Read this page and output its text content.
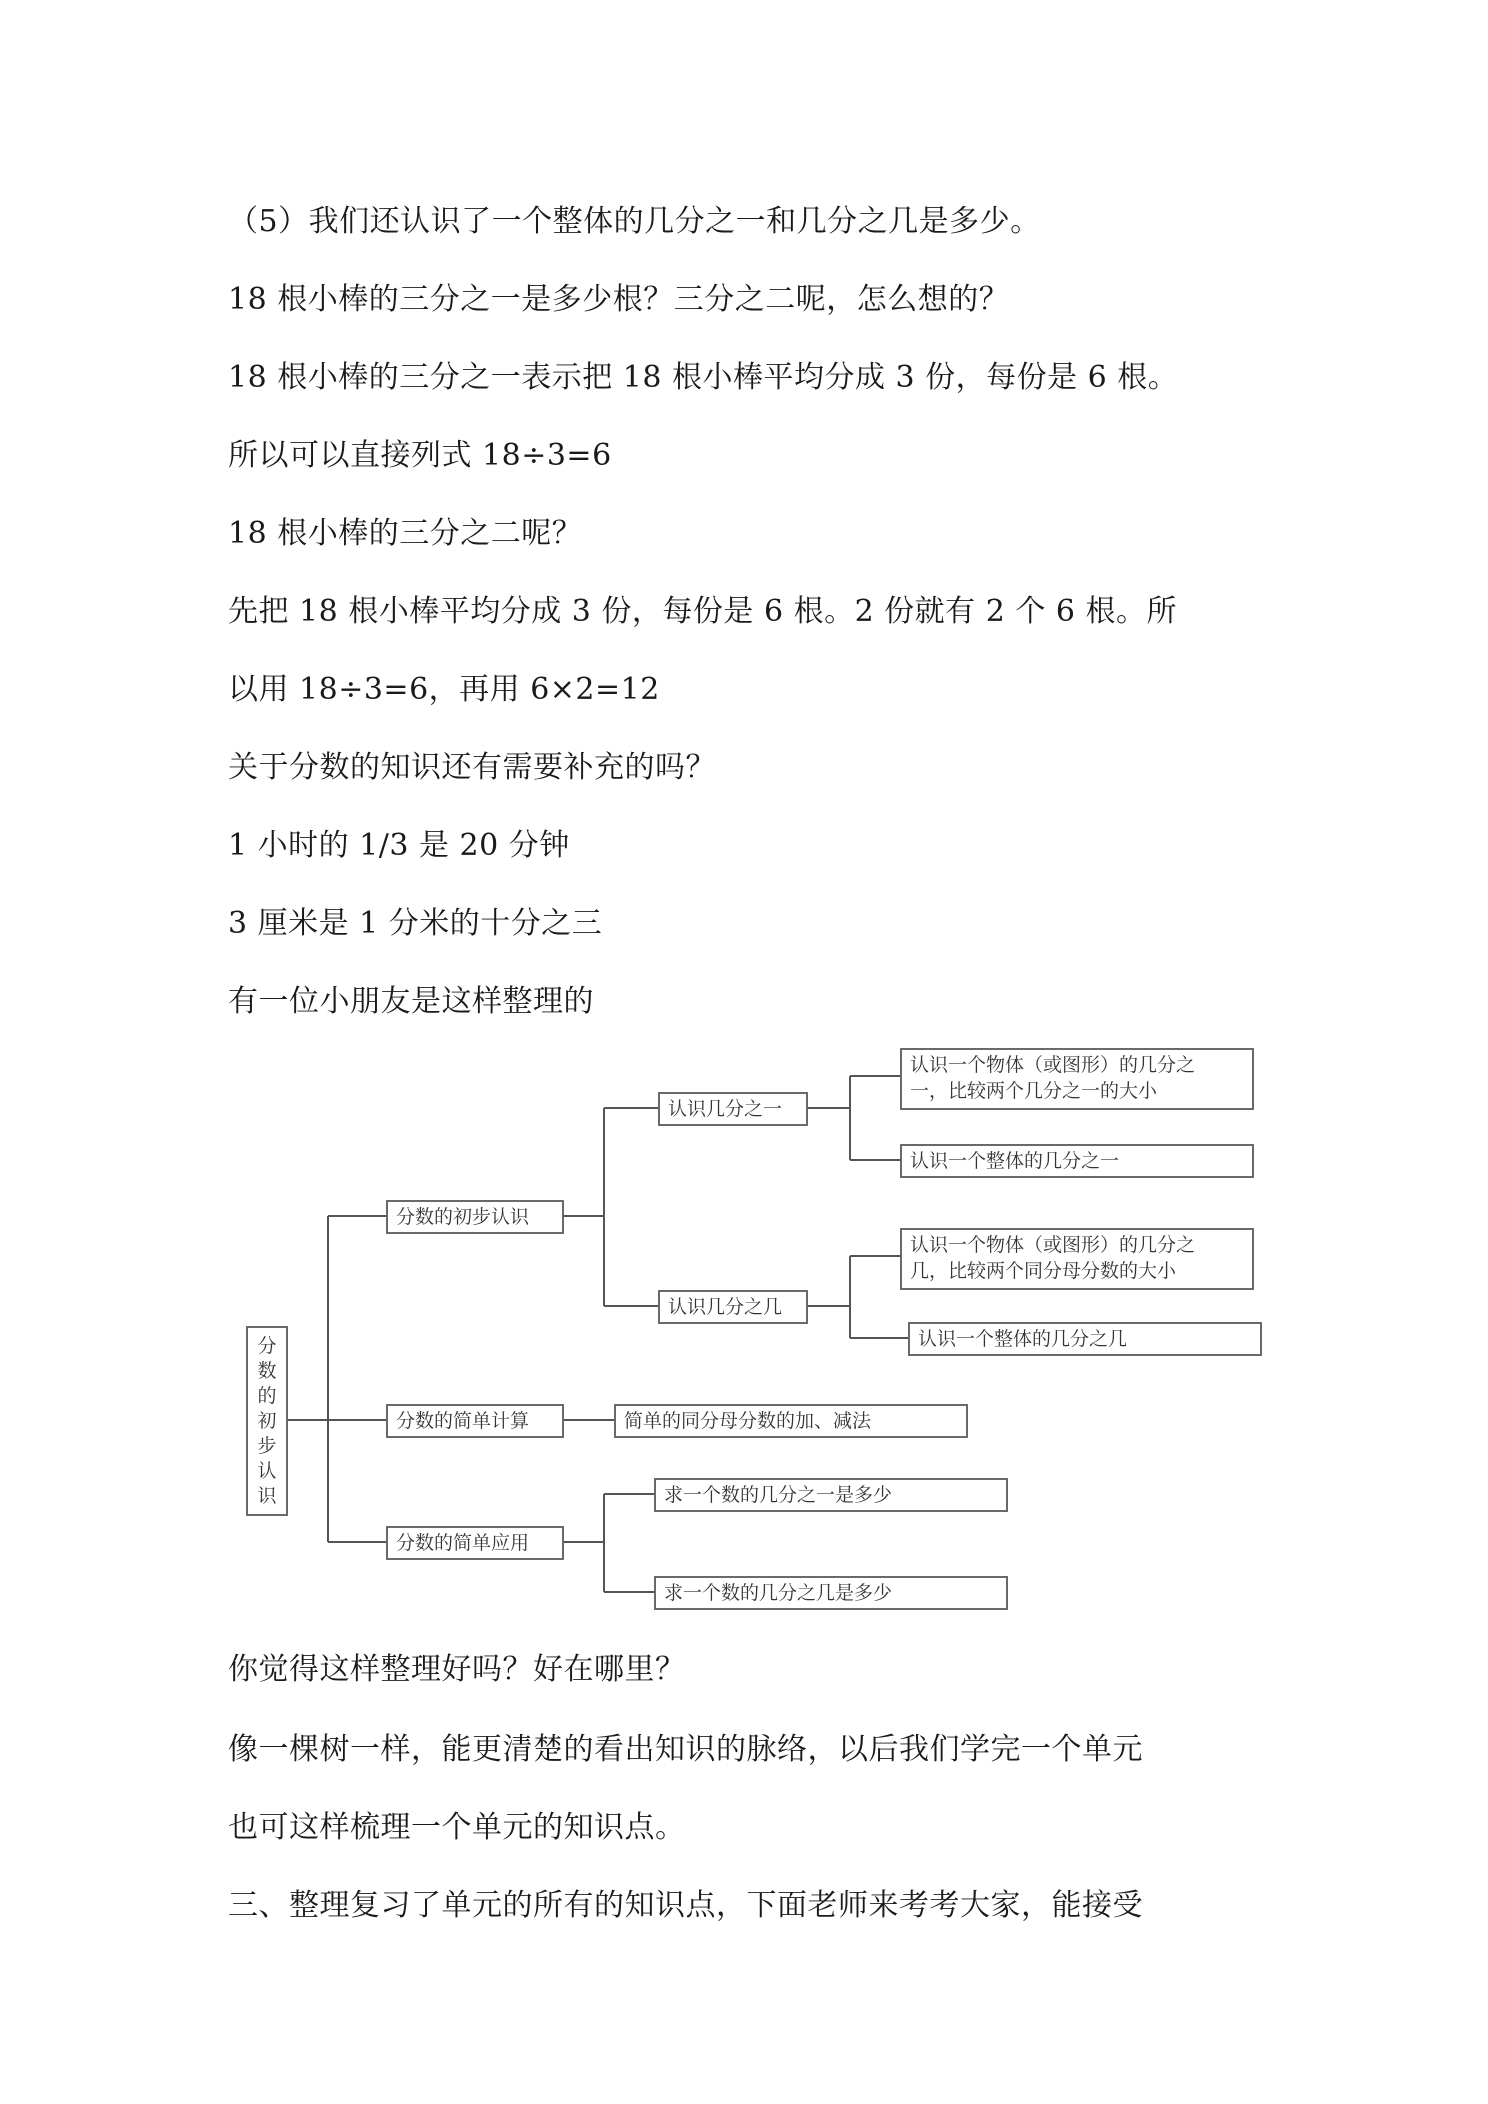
（5）我们还认识了一个整体的几分之一和几分之几是多少。
18 根小棒的三分之一是多少根？三分之二呢，怎么想的？
18 根小棒的三分之一表示把 18 根小棒平均分成 3 份，每份是 6 根。
所以可以直接列式 18÷3=6
18 根小棒的三分之二呢？
先把 18 根小棒平均分成 3 份，每份是 6 根。2 份就有 2 个 6 根。所
以用 18÷3=6，再用 6×2=12
关于分数的知识还有需要补充的吗？
1 小时的 1/3 是 20 分钟
3 厘米是 1 分米的十分之三
有一位小朋友是这样整理的
分
数
的
初
步
认
识
分数的初步认识
分数的简单计算
分数的简单应用
认识几分之一
认识几分之几
认识一个物体（或图形）的几分之
一，比较两个几分之一的大小
认识一个整体的几分之一
认识一个物体（或图形）的几分之
几，比较两个同分母分数的大小
认识一个整体的几分之几
简单的同分母分数的加、减法
求一个数的几分之一是多少
求一个数的几分之几是多少
你觉得这样整理好吗？好在哪里？
像一棵树一样，能更清楚的看出知识的脉络，以后我们学完一个单元
也可这样梳理一个单元的知识点。
三、整理复习了单元的所有的知识点，下面老师来考考大家，能接受
